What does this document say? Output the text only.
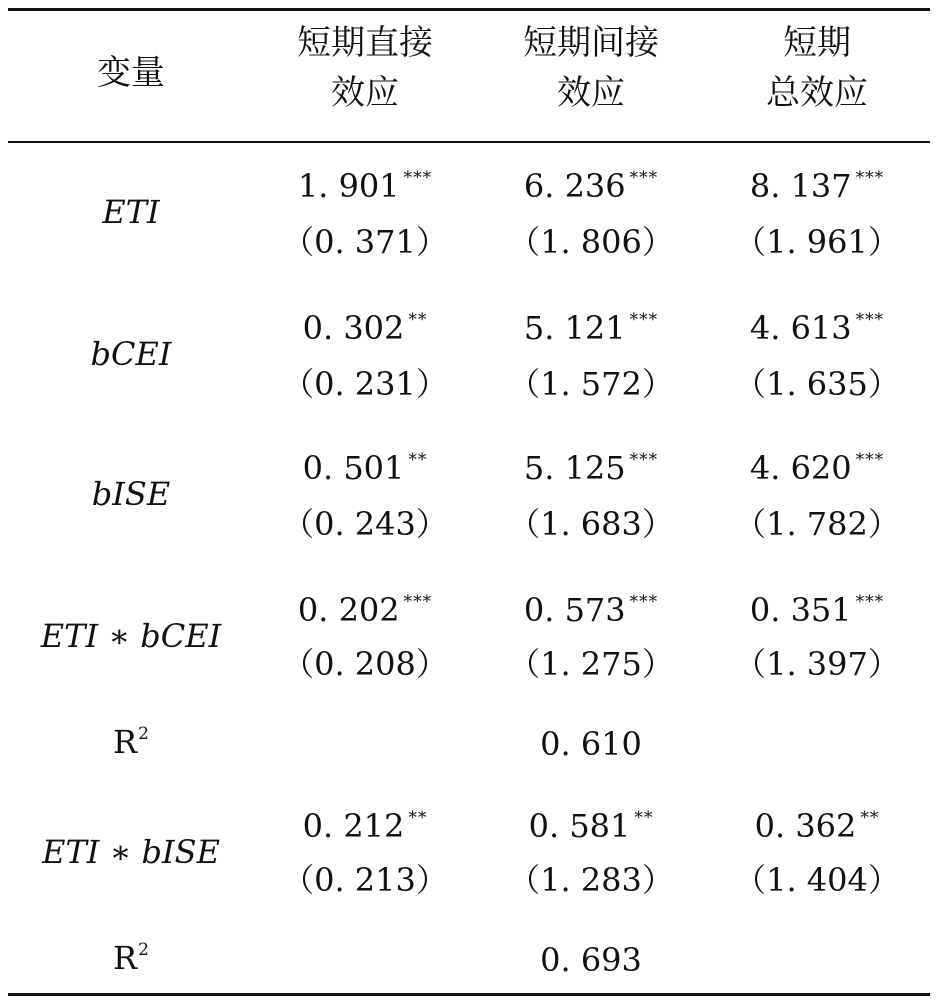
变量
短期直接
效应
短期间接
效应
短期
总效应
ETI
1. 901 ***
（0. 371）
6. 236 ***
（1. 806）
8. 137 ***
（1. 961）
bCEI
0. 302 **
（0. 231）
5. 121 ***
（1. 572）
4. 613 ***
（1. 635）
bISE
0. 501 **
（0. 243）
5. 125 ***
（1. 683）
4. 620 ***
（1. 782）
ETI ∗ bCEI
0. 202 ***
（0. 208）
0. 573 ***
（1. 275）
0. 351 ***
（1. 397）
$R^2$	0. 610
ETI ∗ bISE
0. 212 **
（0. 213）
0. 581 **
（1. 283）
0. 362 **
（1. 404）
$R^2$	0. 693
